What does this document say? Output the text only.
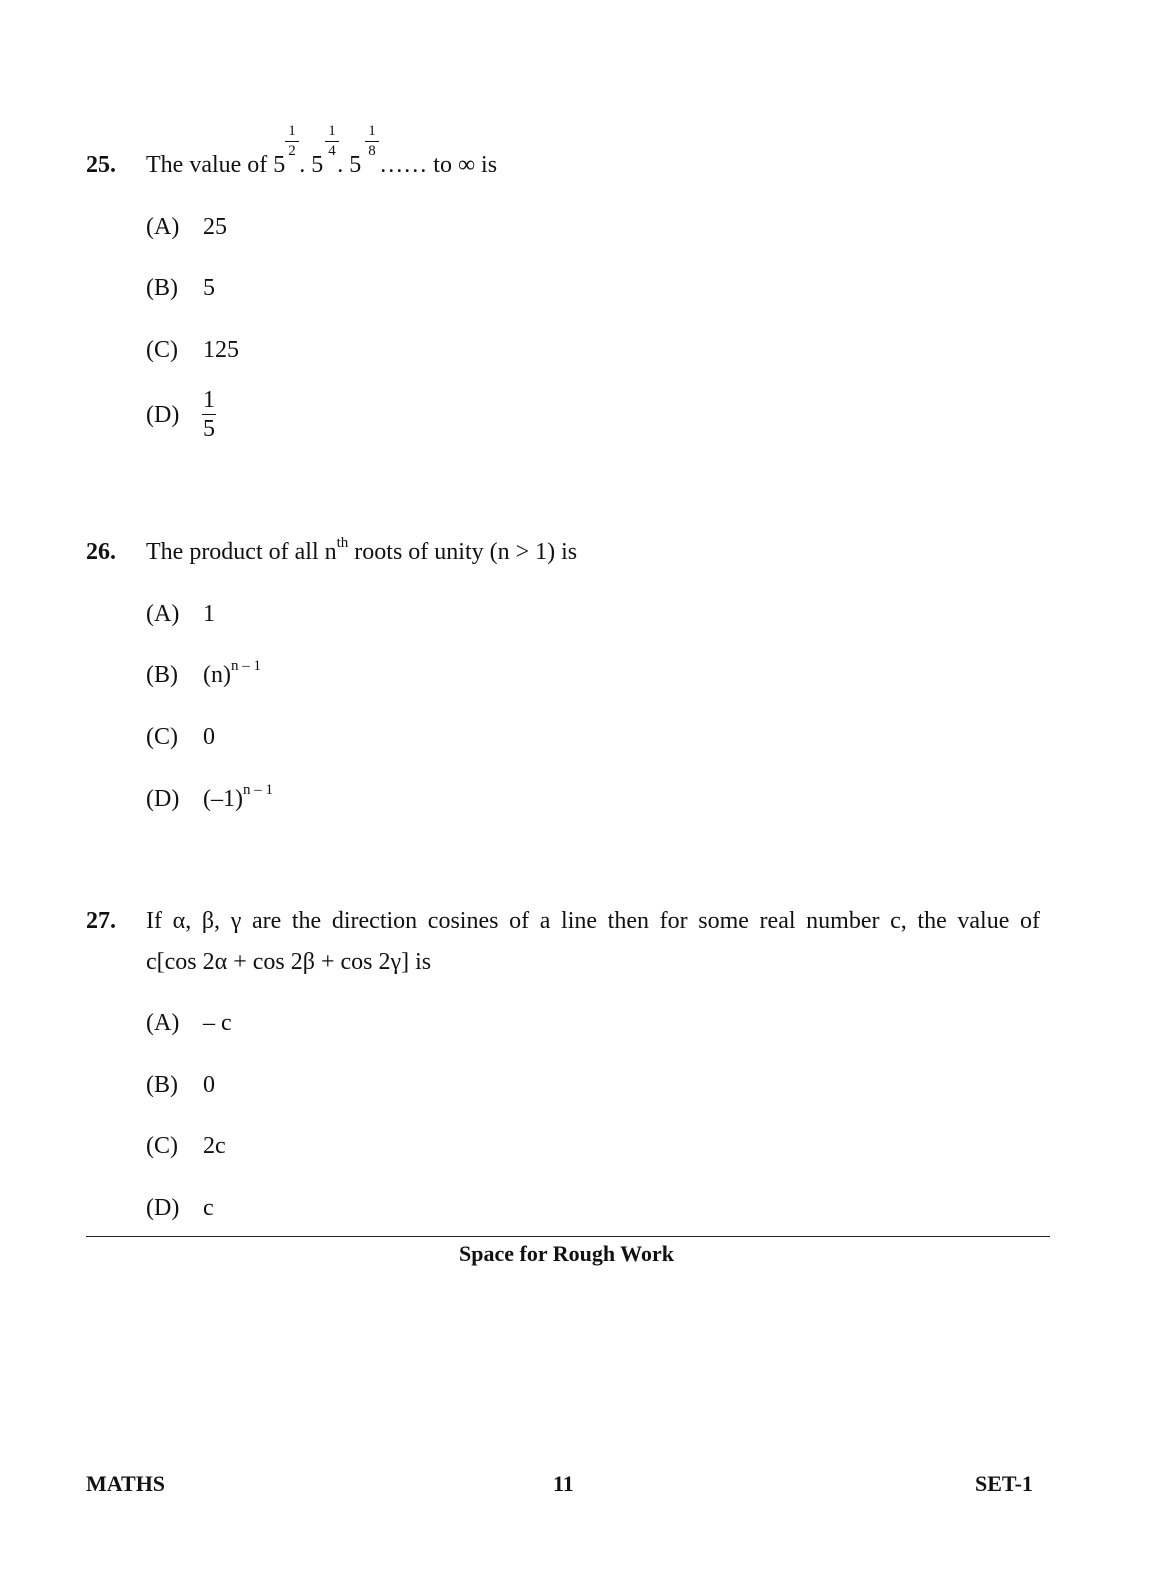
25. The value of 5 . 5 . 5 …… to ∞ is
$\frac{1}{2} \frac{1}{4} \frac{1}{8}$
(A) 25
(B) 5
(C) 125
$(D) \frac{1}{5}$
26. The product of all $n^{th}$ roots of unity (n > 1) is
(A) 1
(B) $(n)^{n - 1}$
(C) 0
(D) $(-1)^{n - 1}$
27. If α, β, γ are the direction cosines of a line then for some real number c, the value of
c[cos 2α + cos 2β + cos 2γ] is
(A) – c
(B) 0
(C) 2c
(D) c
Space for Rough Work
MATHS	11	SET-1
